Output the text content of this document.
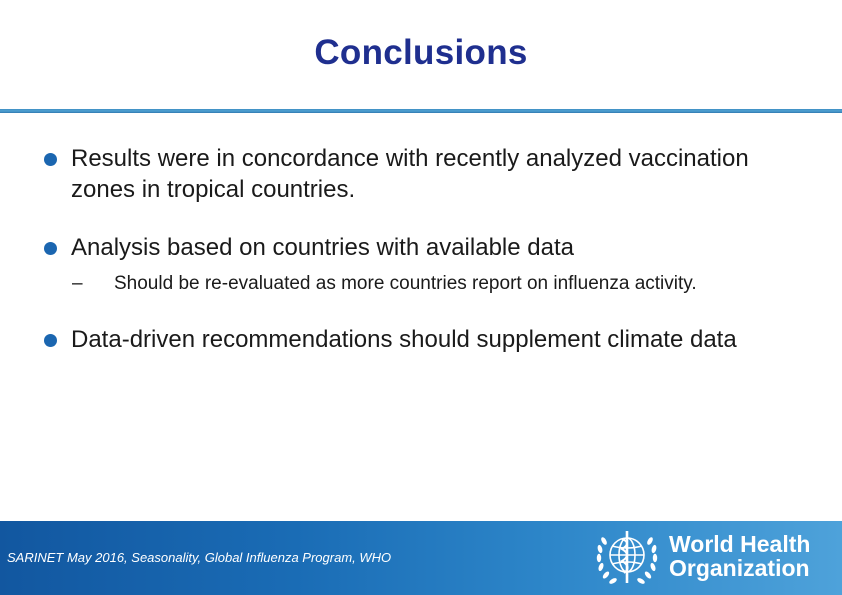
Conclusions
Results were in concordance with recently analyzed vaccination zones in tropical countries.
Analysis based on countries with available data
– Should be re-evaluated as more countries report on influenza activity.
Data-driven recommendations should supplement climate data
SARINET May 2016, Seasonality, Global Influenza Program, WHO
World Health
Organization
